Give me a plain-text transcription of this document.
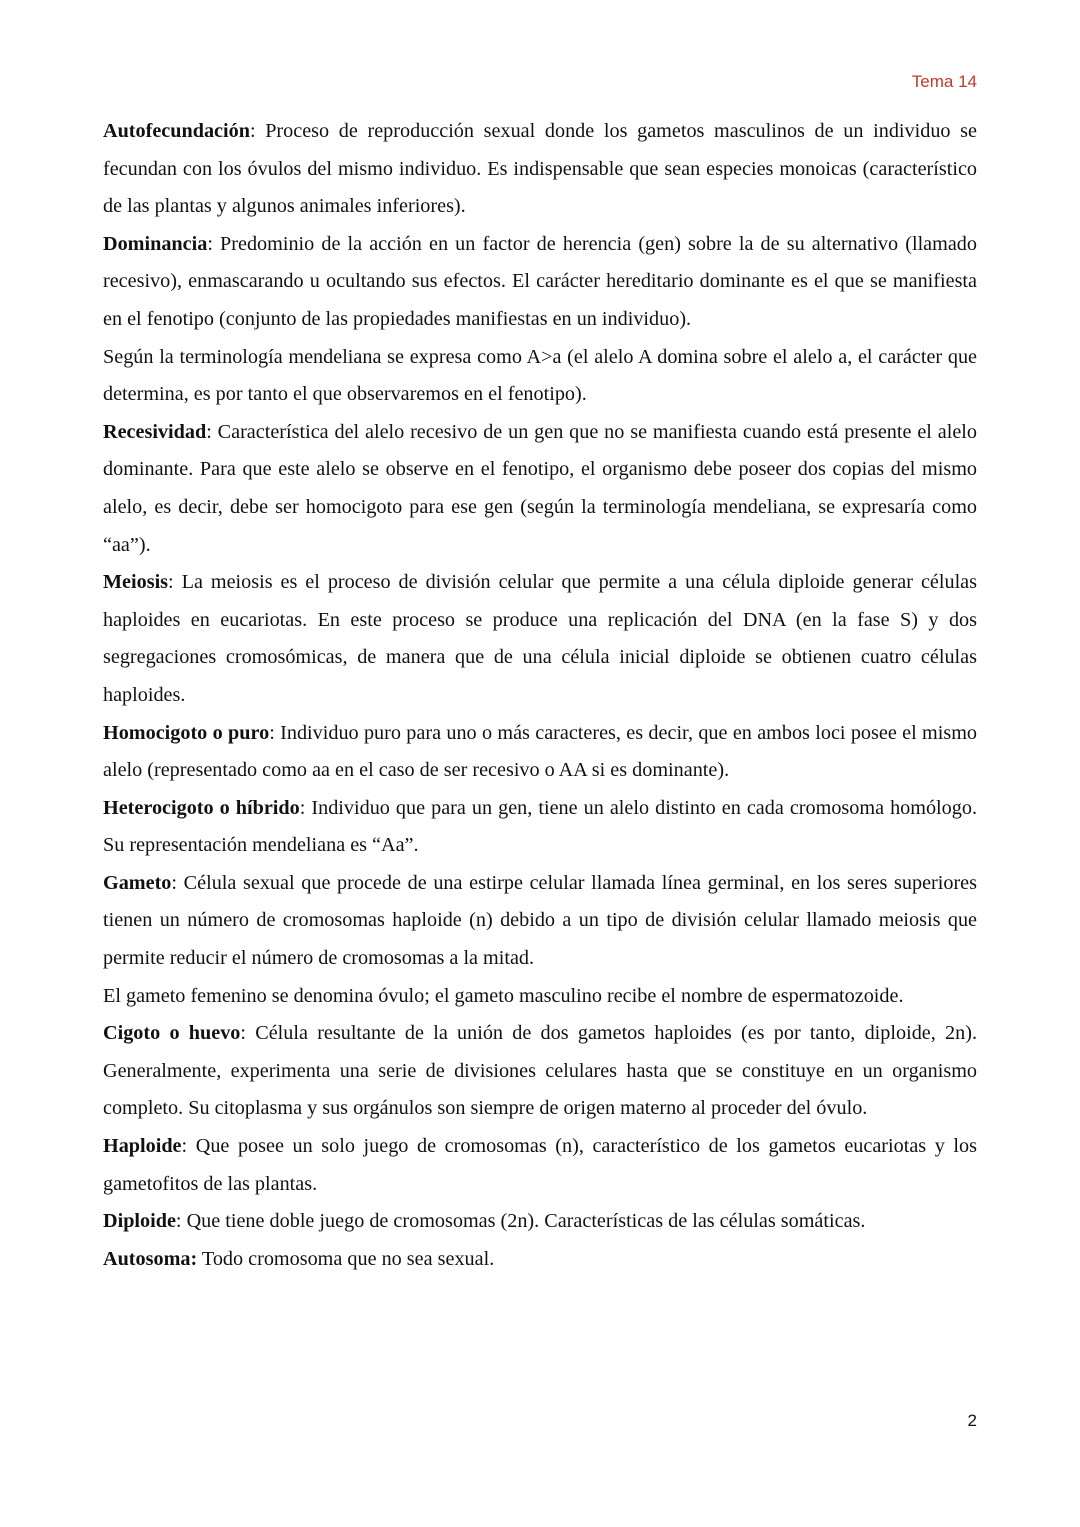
Tema 14

Autofecundación: Proceso de reproducción sexual donde los gametos masculinos de un individuo se fecundan con los óvulos del mismo individuo. Es indispensable que sean especies monoicas (característico de las plantas y algunos animales inferiores).

Dominancia: Predominio de la acción en un factor de herencia (gen) sobre la de su alternativo (llamado recesivo), enmascarando u ocultando sus efectos. El carácter hereditario dominante es el que se manifiesta en el fenotipo (conjunto de las propiedades manifiestas en un individuo).

Según la terminología mendeliana se expresa como A>a (el alelo A domina sobre el alelo a, el carácter que determina, es por tanto el que observaremos en el fenotipo).

Recesividad: Característica del alelo recesivo de un gen que no se manifiesta cuando está presente el alelo dominante. Para que este alelo se observe en el fenotipo, el organismo debe poseer dos copias del mismo alelo, es decir, debe ser homocigoto para ese gen (según la terminología mendeliana, se expresaría como “aa”).

Meiosis: La meiosis es el proceso de división celular que permite a una célula diploide generar células haploides en eucariotas. En este proceso se produce una replicación del DNA (en la fase S) y dos segregaciones cromosómicas, de manera que de una célula inicial diploide se obtienen cuatro células haploides.

Homocigoto o puro: Individuo puro para uno o más caracteres, es decir, que en ambos loci posee el mismo alelo (representado como aa en el caso de ser recesivo o AA si es dominante).

Heterocigoto o híbrido: Individuo que para un gen, tiene un alelo distinto en cada cromosoma homólogo. Su representación mendeliana es “Aa”.

Gameto: Célula sexual que procede de una estirpe celular llamada línea germinal, en los seres superiores tienen un número de cromosomas haploide (n) debido a un tipo de división celular llamado meiosis que permite reducir el número de cromosomas a la mitad.

El gameto femenino se denomina óvulo; el gameto masculino recibe el nombre de espermatozoide.

Cigoto o huevo: Célula resultante de la unión de dos gametos haploides (es por tanto, diploide, 2n). Generalmente, experimenta una serie de divisiones celulares hasta que se constituye en un organismo completo. Su citoplasma y sus orgánulos son siempre de origen materno al proceder del óvulo.

Haploide: Que posee un solo juego de cromosomas (n), característico de los gametos eucariotas y los gametofitos de las plantas.

Diploide: Que tiene doble juego de cromosomas (2n). Características de las células somáticas.

Autosoma: Todo cromosoma que no sea sexual.

2
